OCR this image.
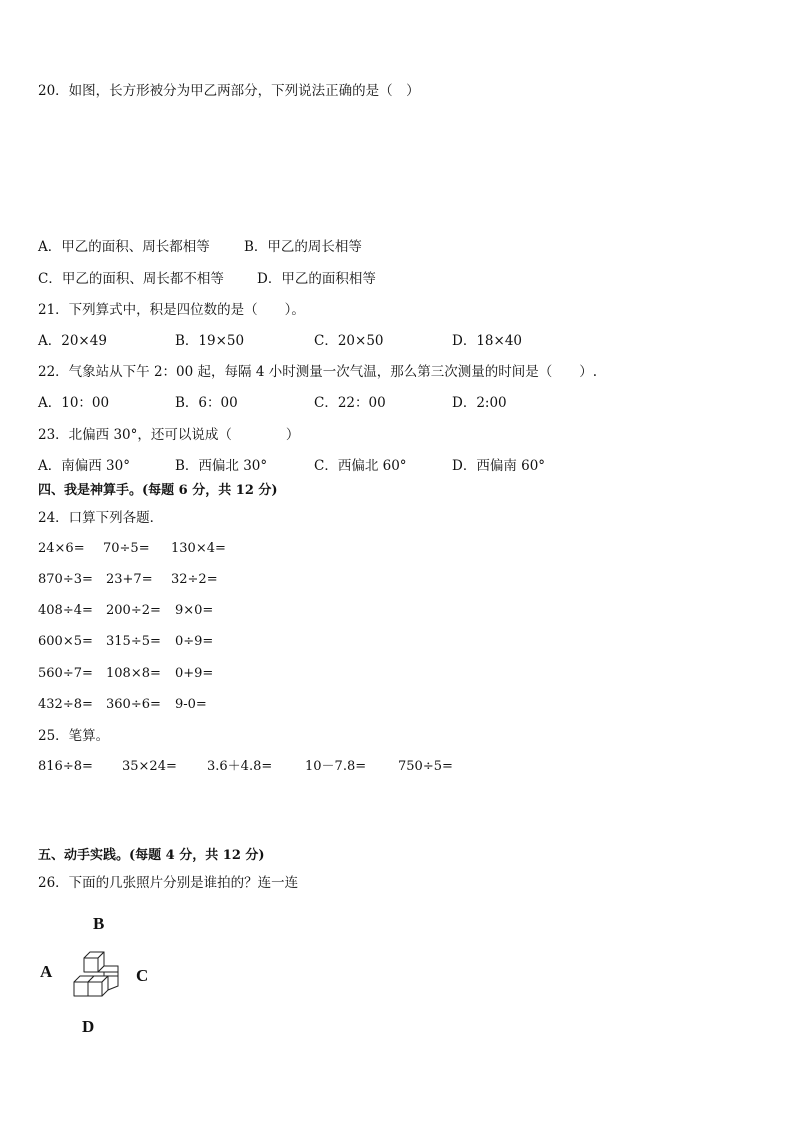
20．如图，长方形被分为甲乙两部分，下列说法正确的是（　）
A．甲乙的面积、周长都相等	B．甲乙的周长相等
C．甲乙的面积、周长都不相等 D．甲乙的面积相等
21．下列算式中，积是四位数的是（　　）。
A．20×49	B．19×50	C．20×50	D．18×40
22．气象站从下午 2：00 起，每隔 4 小时测量一次气温，那么第三次测量的时间是（　　）.
A．10：00	B．6：00	C．22：00	D．2:00
23．北偏西 30°，还可以说成（　　　　）
A．南偏西 30°	B．西偏北 30°	C．西偏北 60°	D．西偏南 60°
四、我是神算手。(每题 6 分，共 12 分)
24．口算下列各题．
24×6= 70÷5= 130×4=
870÷3= 23+7= 32÷2=
408÷4= 200÷2= 9×0=
600×5= 315÷5= 0÷9=
560÷7= 108×8= 0+9=
432÷8= 360÷6= 9-0=
25．笔算。
816÷8= 35×24= 3.6＋4.8=	10－7.8= 750÷5=
五、动手实践。(每题 4 分，共 12 分)
26．下面的几张照片分别是谁拍的？连一连
B
A	C
D
